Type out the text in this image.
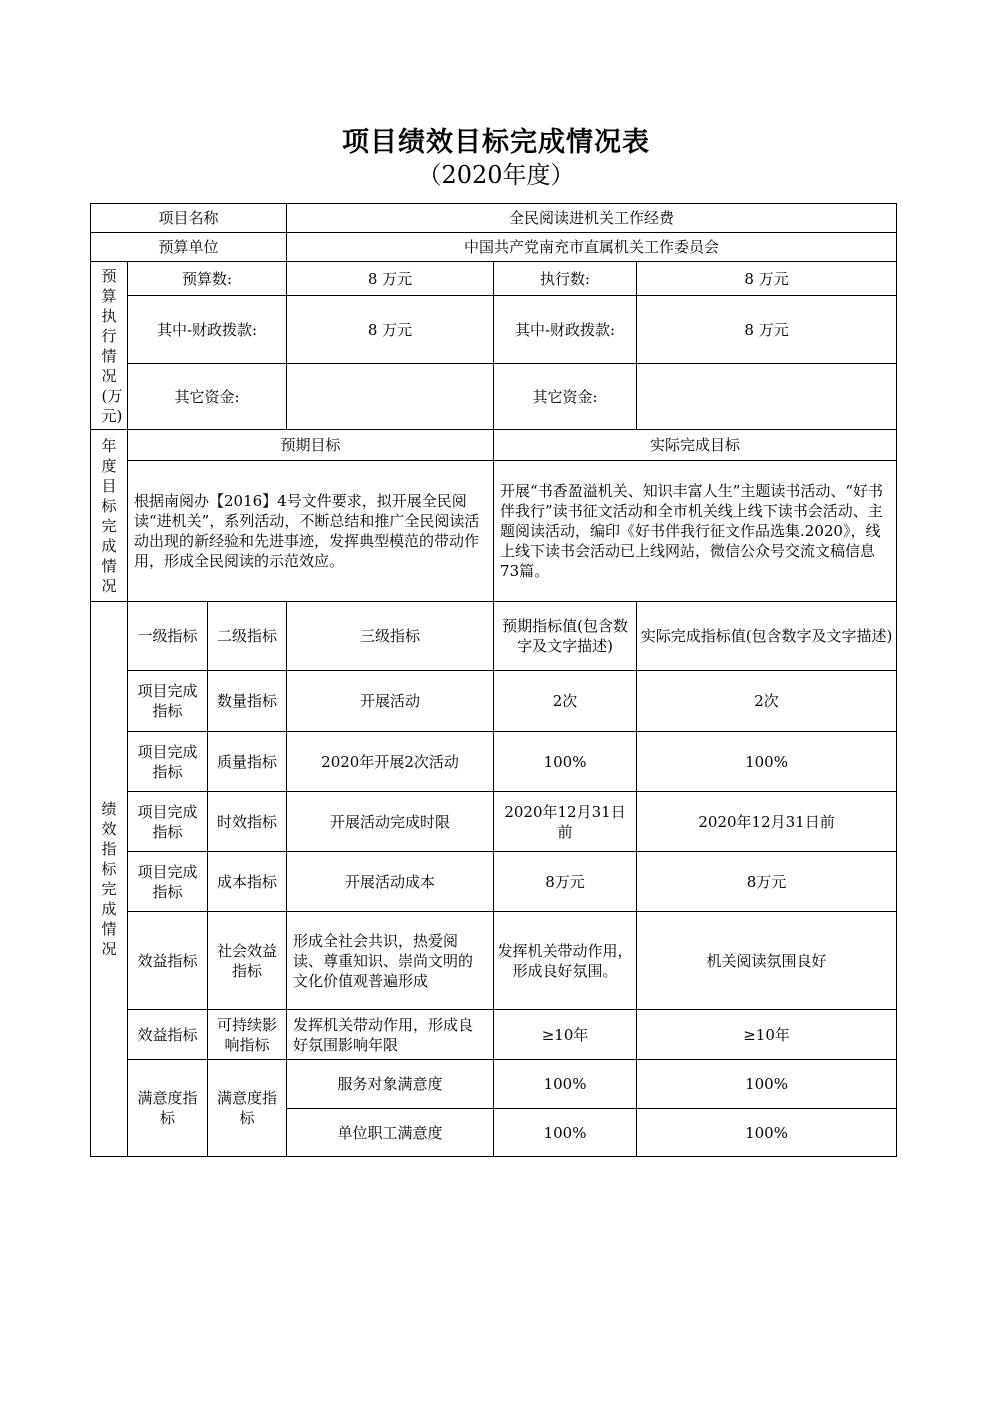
项目绩效目标完成情况表
（2020年度）
项目名称			全民阅读进机关工作经费		
预算单位			中国共产党南充市直属机关工作委员会		
预算执行情况(万元)	预算数:		8 万元	执行数:	8 万元
	其中-财政拨款:		8 万元	其中-财政拨款:	8 万元
	其它资金:			其它资金:	
年度目标完成情况	预期目标			实际完成目标	
	根据南阅办【2016】4号文件要求，拟开展全民阅读“进机关”，系列活动，不断总结和推广全民阅读活动出现的新经验和先进事迹，发挥典型模范的带动作用，形成全民阅读的示范效应。			开展“书香盈溢机关、知识丰富人生”主题读书活动、“好书伴我行”读书征文活动和全市机关线上线下读书会活动、主题阅读活动，编印《好书伴我行征文作品选集.2020》，线上线下读书会活动已上线网站，微信公众号交流文稿信息73篇。	
绩效指标完成情况	一级指标	二级指标	三级指标	预期指标值(包含数字及文字描述)	实际完成指标值(包含数字及文字描述)
	项目完成指标	数量指标	开展活动	2次	2次
	项目完成指标	质量指标	2020年开展2次活动	100%	100%
	项目完成指标	时效指标	开展活动完成时限	2020年12月31日前	2020年12月31日前
	项目完成指标	成本指标	开展活动成本	8万元	8万元
	效益指标	社会效益指标	形成全社会共识，热爱阅读、尊重知识、崇尚文明的文化价值观普遍形成	发挥机关带动作用，形成良好氛围。	机关阅读氛围良好
	效益指标	可持续影响指标	发挥机关带动作用，形成良好氛围影响年限	≥10年	≥10年
	满意度指标	满意度指标	服务对象满意度	100%	100%
			单位职工满意度	100%	100%
